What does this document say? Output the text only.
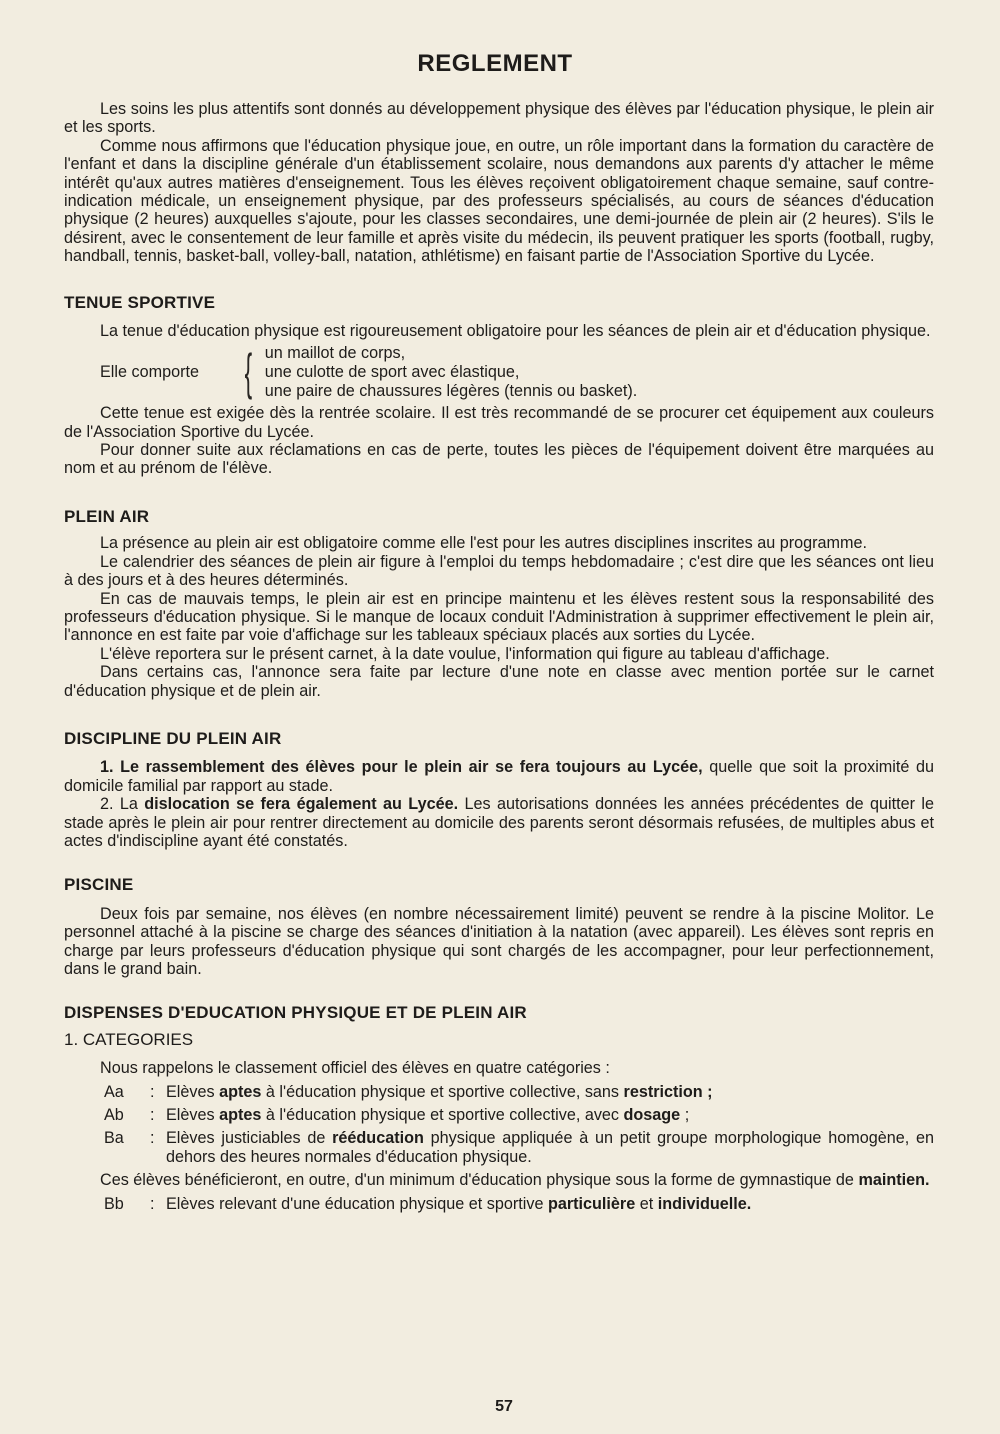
REGLEMENT

Les soins les plus attentifs sont donnés au développement physique des élèves par l'éducation physique, le plein air et les sports.

Comme nous affirmons que l'éducation physique joue, en outre, un rôle important dans la formation du caractère de l'enfant et dans la discipline générale d'un établissement scolaire, nous demandons aux parents d'y attacher le même intérêt qu'aux autres matières d'enseignement. Tous les élèves reçoivent obligatoirement chaque semaine, sauf contre-indication médicale, un enseignement physique, par des professeurs spécialisés, au cours de séances d'éducation physique (2 heures) auxquelles s'ajoute, pour les classes secondaires, une demi-journée de plein air (2 heures). S'ils le désirent, avec le consentement de leur famille et après visite du médecin, ils peuvent pratiquer les sports (football, rugby, handball, tennis, basket-ball, volley-ball, natation, athlétisme) en faisant partie de l'Association Sportive du Lycée.

TENUE SPORTIVE

La tenue d'éducation physique est rigoureusement obligatoire pour les séances de plein air et d'éducation physique.

Elle comporte { un maillot de corps,
une culotte de sport avec élastique,
une paire de chaussures légères (tennis ou basket).

Cette tenue est exigée dès la rentrée scolaire. Il est très recommandé de se procurer cet équipement aux couleurs de l'Association Sportive du Lycée.

Pour donner suite aux réclamations en cas de perte, toutes les pièces de l'équipement doivent être marquées au nom et au prénom de l'élève.

PLEIN AIR

La présence au plein air est obligatoire comme elle l'est pour les autres disciplines inscrites au programme.

Le calendrier des séances de plein air figure à l'emploi du temps hebdomadaire ; c'est dire que les séances ont lieu à des jours et à des heures déterminés.

En cas de mauvais temps, le plein air est en principe maintenu et les élèves restent sous la responsabilité des professeurs d'éducation physique. Si le manque de locaux conduit l'Administration à supprimer effectivement le plein air, l'annonce en est faite par voie d'affichage sur les tableaux spéciaux placés aux sorties du Lycée.

L'élève reportera sur le présent carnet, à la date voulue, l'information qui figure au tableau d'affichage.

Dans certains cas, l'annonce sera faite par lecture d'une note en classe avec mention portée sur le carnet d'éducation physique et de plein air.

DISCIPLINE DU PLEIN AIR

1. Le rassemblement des élèves pour le plein air se fera toujours au Lycée, quelle que soit la proximité du domicile familial par rapport au stade.

2. La dislocation se fera également au Lycée. Les autorisations données les années précédentes de quitter le stade après le plein air pour rentrer directement au domicile des parents seront désormais refusées, de multiples abus et actes d'indiscipline ayant été constatés.

PISCINE

Deux fois par semaine, nos élèves (en nombre nécessairement limité) peuvent se rendre à la piscine Molitor. Le personnel attaché à la piscine se charge des séances d'initiation à la natation (avec appareil). Les élèves sont repris en charge par leurs professeurs d'éducation physique qui sont chargés de les accompagner, pour leur perfectionnement, dans le grand bain.

DISPENSES D'EDUCATION PHYSIQUE ET DE PLEIN AIR
1. CATEGORIES

Nous rappelons le classement officiel des élèves en quatre catégories :

Aa	: Elèves aptes à l'éducation physique et sportive collective, sans restriction ;
Ab	: Elèves aptes à l'éducation physique et sportive collective, avec dosage ;
Ba	: Elèves justiciables de rééducation physique appliquée à un petit groupe morphologique homogène, en dehors des heures normales d'éducation physique.

Ces élèves bénéficieront, en outre, d'un minimum d'éducation physique sous la forme de gymnastique de maintien.

Bb	: Elèves relevant d'une éducation physique et sportive particulière et individuelle.
57
